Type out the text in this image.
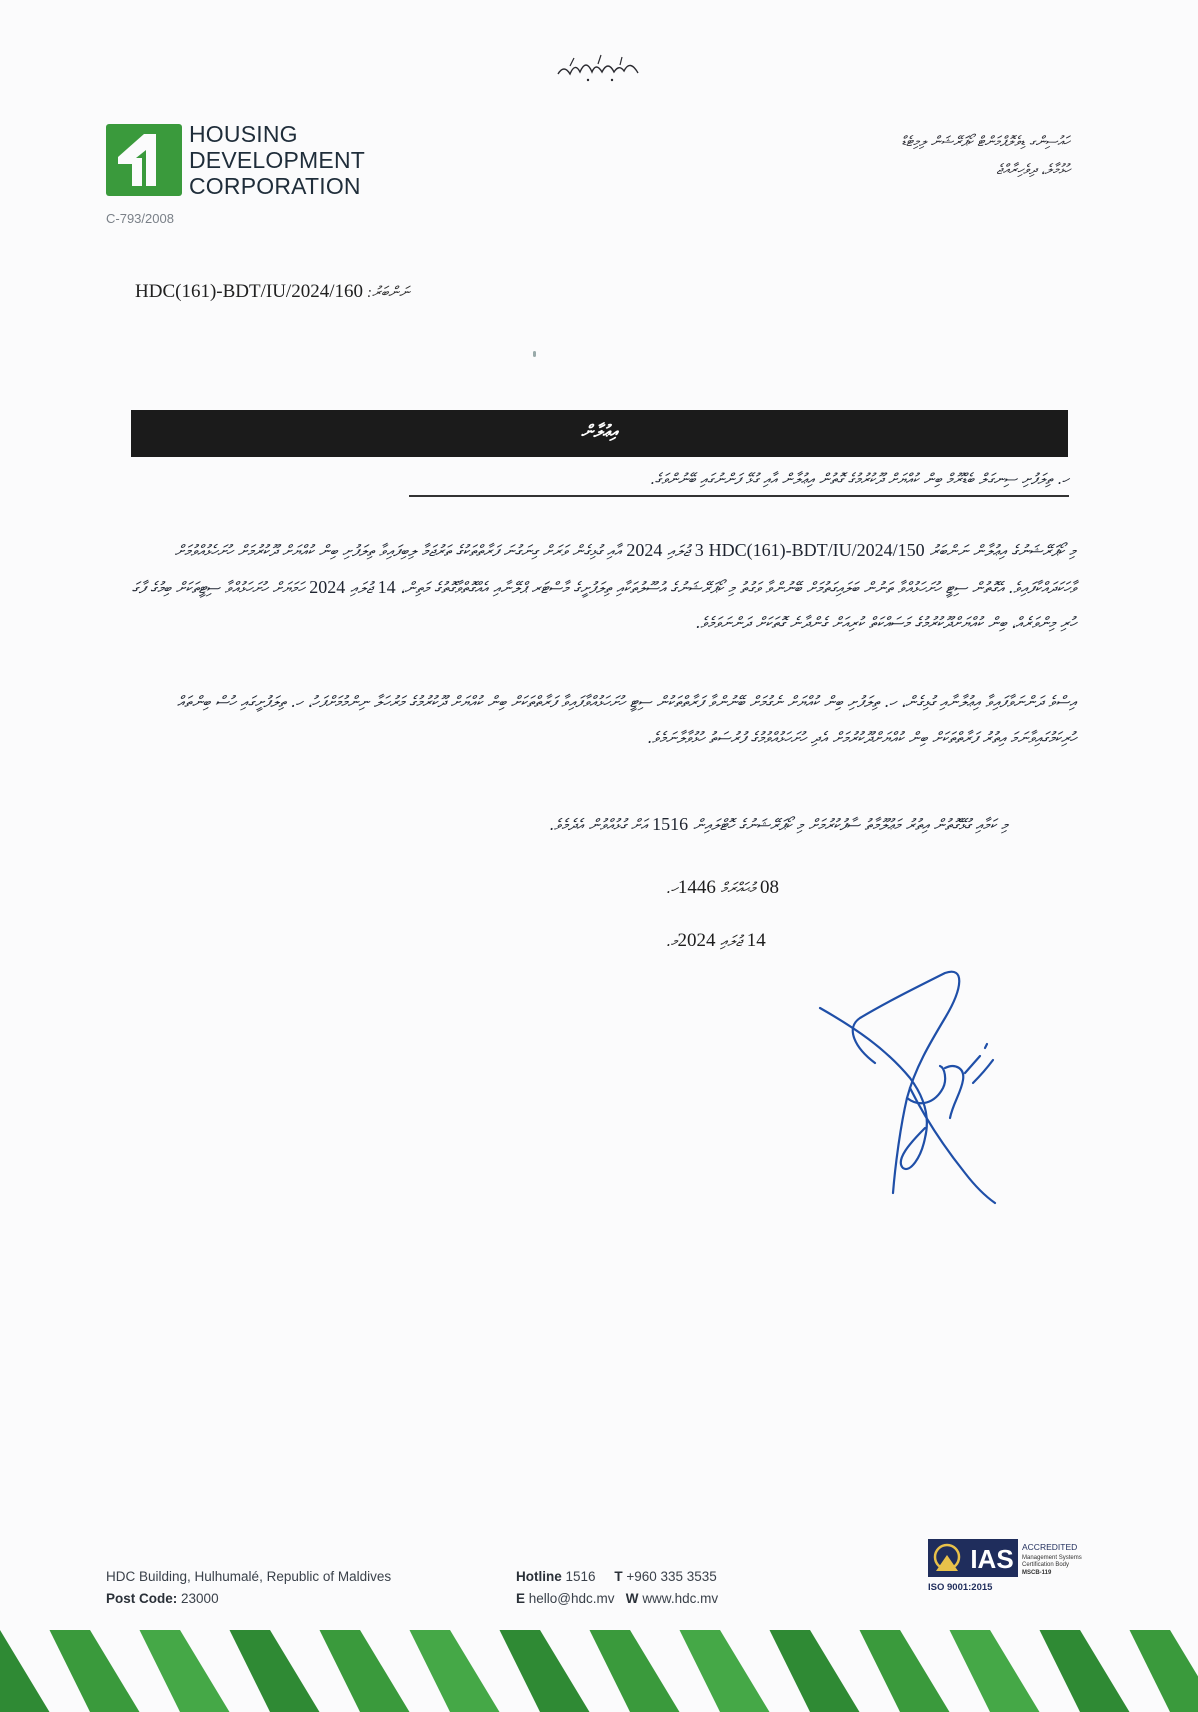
HOUSING
DEVELOPMENT
CORPORATION
C-793/2008
ހައުސިންގ ޑިވެލޮޕްމަންޓް ކޯޕަރޭޝަން ލިމިޓެޑް
ހުޅުމާލެ، ދިވެހިރާއްޖެ
HDC(161)-BDT/IU/2024/160 :ނަންބަރު
އިޢުލާން
ހ. ތިލަފުށި ސިނގަލް ބެޑްރޫމް ބިން ކުއްޔަށް ދޫކުރުމުގެ ގޮތުން އިޢުލާން އާއި ގުޅޭ ފަންނުގައި ބޭނުންވަގެ.
މި ކޯޕަރޭޝަނުގެ އިޢުލާން ނަންބަރު HDC(161)-BDT/IU/2024/150 3 ޖުލައި 2024 އާއި ގުޅިގެން ވަރަށް ގިނަގުނަ ފަރާތްތަކުގެ ތަރުޖަމާ ލިބިފައިވާ ތިލަފުށި ބިން ކުއްޔަށް ދޫކުރުމަށް ހުށަހެޅުއްވުމަށް ވާހަކަދައްކާފައިވެ. އެގޮތުން ސިޓީ ހުށަހަޅުއްވާ ތަނުން ބަލައިގަތުމަށް ބޭނުންވާ ވަގުތު މި ކޯޕަރޭޝަނުގެ އުސޫލުތަކާއި ތިލަފުށީގެ މާސްޓަރ ޕްލޭނާއި އެއްގޮތްވާގޮތުގެ މަތިން، 14 ޖުލައި 2024 ހަމަޔަށް ހުށަހަޅުއްވާ ސިޓީތަކަށް ބިމުގެ ފާގަ ހުރި މިންވަރެއް، ބިން ކުއްޔަށްދޫކުރުމުގެ މަސައްކަތް ކުރިއަށް ގެންދާނެ ގޮތަކަށް ދަންނަވަމެވެ.
އިސްވެ ދަންނަވާފައިވާ އިޢުލާނާއި ގުޅިގެން، ހ. ތިލަފުށި ބިން ކުއްޔަށް ނެގުމަށް ބޭނުންވާ ފަރާތްތަކުން ސިޓީ ހުށަހަޅުއްވާފައިވާ ފަރާތްތަކަށް ބިން ކުއްޔަށް ދޫކުރުމުގެ މަރުހަލާ ނިންމުމަށްފަހު، ހ. ތިލަފުށީގައި ހުސް ބިންތައް ހުރިކަމުގައިވާނަމަ އިތުރު ފަރާތްތަކަށް ބިން ކުއްޔަށްދޫކުރުމަށް އެދި ހުށަހަޅުއްވުމުގެ ފުރުސަތު ހުޅުވާލާނަމެވެ.
މި ކަމާއި ގުޅޭގޮތުން އިތުރު މަޢުލޫމާތު ސާފުކުރުމަށް މި ކޯޕަރޭޝަނުގެ ހޮޓްލައިން 1516 އަށް ގުޅުއްވުން އެދެމެވެ.
08 މުޙައްރަމް 1446ހ.
14 ޖުލައި 2024މ.
HDC Building, Hulhumalé, Republic of Maldives
Post Code: 23000
Hotline 1516 T +960 335 3535
E hello@hdc.mv W www.hdc.mv
IAS ACCREDITED
Management Systems
Certification Body
MSCB-119
ISO 9001:2015
